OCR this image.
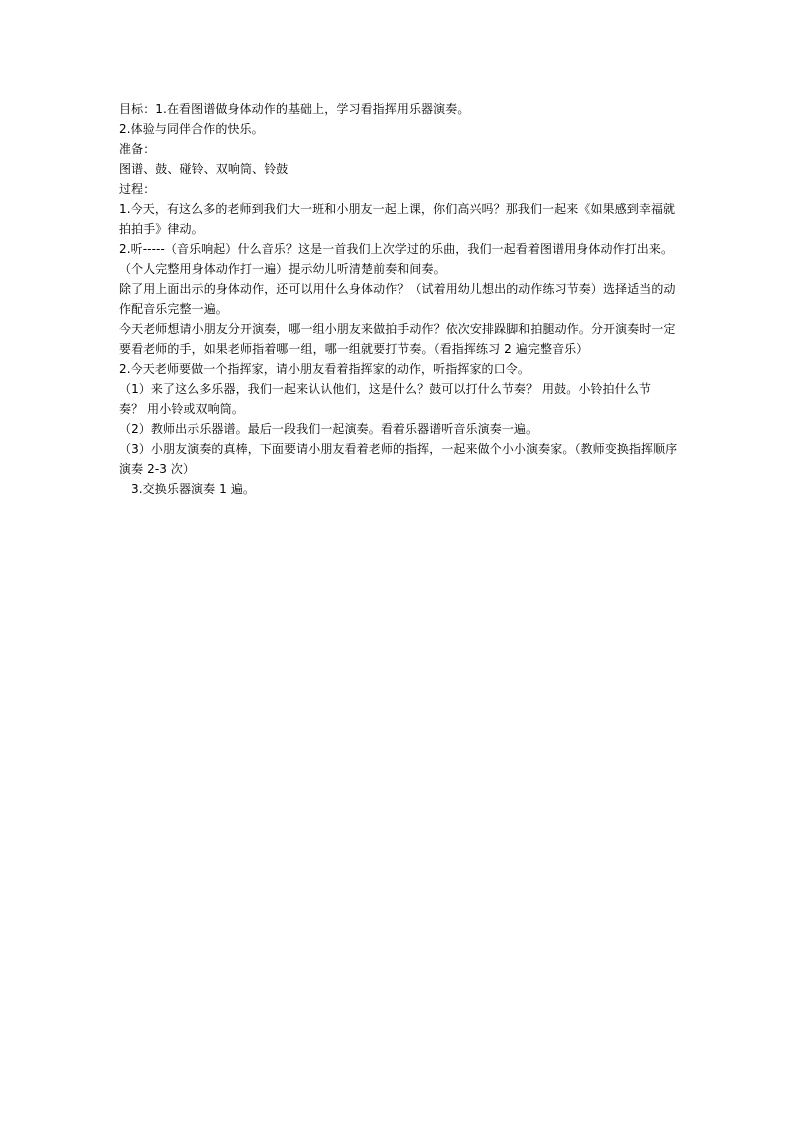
目标：1.在看图谱做身体动作的基础上，学习看指挥用乐器演奏。
2.体验与同伴合作的快乐。
准备：
图谱、鼓、碰铃、双响筒、铃鼓
过程：
1.今天，有这么多的老师到我们大一班和小朋友一起上课，你们高兴吗？那我们一起来《如果感到幸福就
拍拍手》律动。
2.听-----（音乐响起）什么音乐？这是一首我们上次学过的乐曲，我们一起看着图谱用身体动作打出来。
（个人完整用身体动作打一遍）提示幼儿听清楚前奏和间奏。
除了用上面出示的身体动作，还可以用什么身体动作？（试着用幼儿想出的动作练习节奏）选择适当的动
作配音乐完整一遍。
今天老师想请小朋友分开演奏，哪一组小朋友来做拍手动作？依次安排跺脚和拍腿动作。分开演奏时一定
要看老师的手，如果老师指着哪一组，哪一组就要打节奏。（看指挥练习 2 遍完整音乐）
2.今天老师要做一个指挥家，请小朋友看着指挥家的动作，听指挥家的口令。
（1）来了这么多乐器，我们一起来认认他们，这是什么？鼓可以打什么节奏？ 用鼓。小铃拍什么节
奏？ 用小铃或双响筒。
（2）教师出示乐器谱。最后一段我们一起演奏。看着乐器谱听音乐演奏一遍。
（3）小朋友演奏的真棒，下面要请小朋友看着老师的指挥，一起来做个小小演奏家。（教师变换指挥顺序
演奏 2-3 次）
3.交换乐器演奏 1 遍。
